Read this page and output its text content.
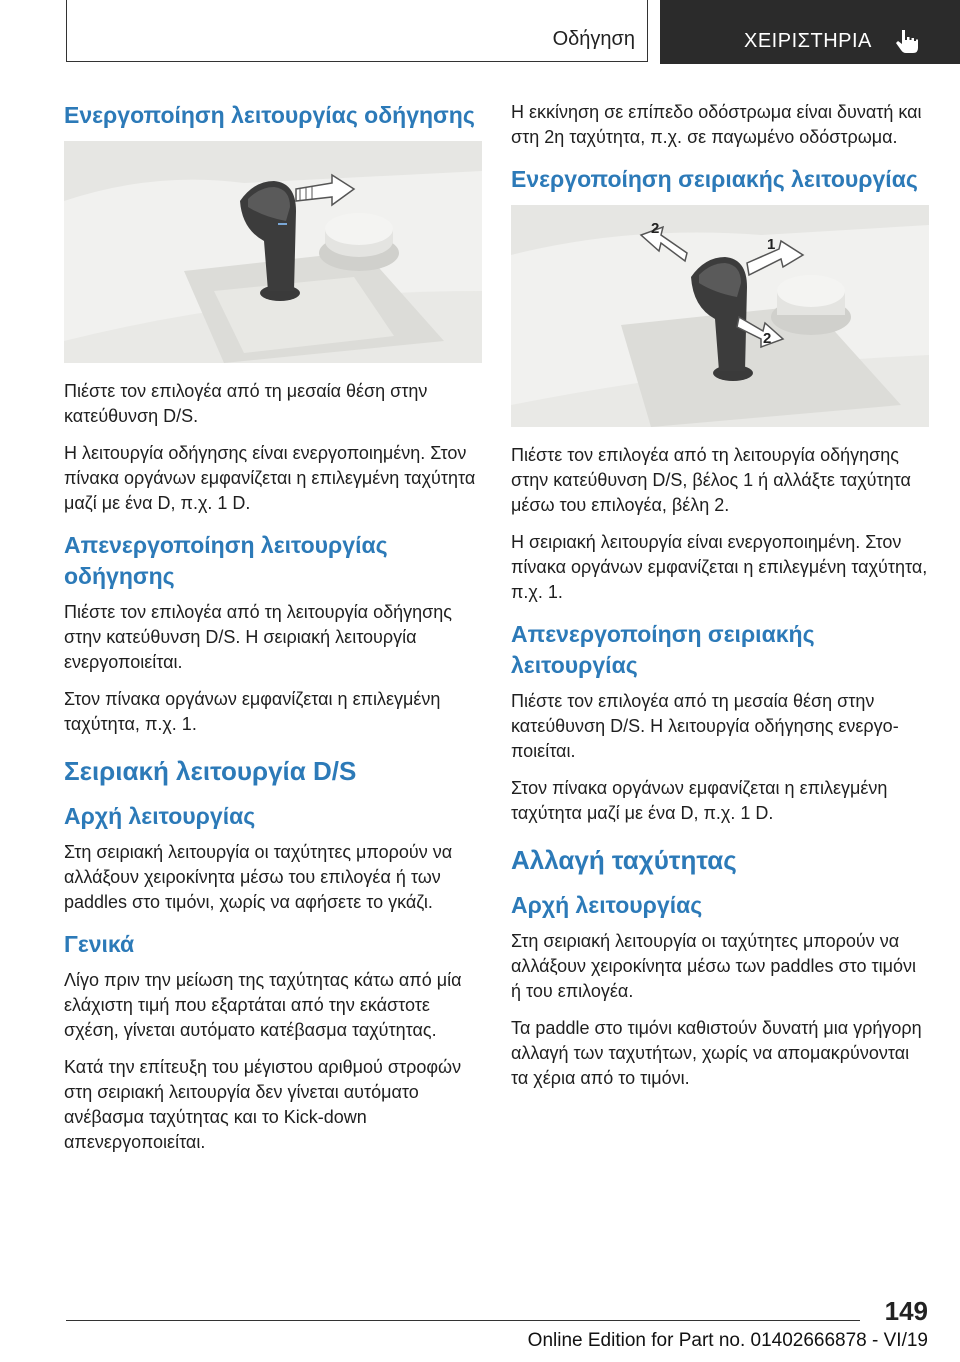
Οδήγηση	ΧΕΙΡΙΣΤΗΡΙΑ
Ενεργοποίηση λειτουργίας οδήγησης

Πιέστε τον επιλογέα από τη μεσαία θέση στην κατεύθυνση D/S.

Η λειτουργία οδήγησης είναι ενεργοποιημένη. Στον πίνακα οργάνων εμφανίζεται η επιλεγμένη ταχύτητα μαζί με ένα D, π.χ. 1 D.

Απενεργοποίηση λειτουργίας οδήγησης

Πιέστε τον επιλογέα από τη λειτουργία οδήγησης στην κατεύθυνση D/S. Η σειριακή λειτουργία ενεργοποιείται.

Στον πίνακα οργάνων εμφανίζεται η επιλεγμένη ταχύτητα, π.χ. 1.

Σειριακή λειτουργία D/S
Αρχή λειτουργίας

Στη σειριακή λειτουργία οι ταχύτητες μπορούν να αλλάξουν χειροκίνητα μέσω του επιλογέα ή των paddles στο τιμόνι, χωρίς να αφήσετε το γκάζι.

Γενικά

Λίγο πριν την μείωση της ταχύτητας κάτω από μία ελάχιστη τιμή που εξαρτάται από την εκάστοτε σχέση, γίνεται αυτόματο κατέβασμα ταχύτητας.

Κατά την επίτευξη του μέγιστου αριθμού στροφών στη σειριακή λειτουργία δεν γίνεται αυτόματο ανέβασμα ταχύτητας και το Kick-down απενεργοποιείται.

Η εκκίνηση σε επίπεδο οδόστρωμα είναι δυνατή και στη 2η ταχύτητα, π.χ. σε παγωμένο οδόστρωμα.

Ενεργοποίηση σειριακής λειτουργίας
1
2
2

Πιέστε τον επιλογέα από τη λειτουργία οδήγησης στην κατεύθυνση D/S, βέλος 1 ή αλλάξτε ταχύτητα μέσω του επιλογέα, βέλη 2.

Η σειριακή λειτουργία είναι ενεργοποιημένη. Στον πίνακα οργάνων εμφανίζεται η επιλεγμένη ταχύτητα, π.χ. 1.

Απενεργοποίηση σειριακής λειτουργίας

Πιέστε τον επιλογέα από τη μεσαία θέση στην κατεύθυνση D/S. Η λειτουργία οδήγησης ενεργοποιείται.

Στον πίνακα οργάνων εμφανίζεται η επιλεγμένη ταχύτητα μαζί με ένα D, π.χ. 1 D.

Αλλαγή ταχύτητας
Αρχή λειτουργίας

Στη σειριακή λειτουργία οι ταχύτητες μπορούν να αλλάξουν χειροκίνητα μέσω των paddles στο τιμόνι ή του επιλογέα.

Τα paddle στο τιμόνι καθιστούν δυνατή μια γρήγορη αλλαγή των ταχυτήτων, χωρίς να απομακρύνονται τα χέρια από το τιμόνι.

149
Online Edition for Part no. 01402666878 - VI/19
